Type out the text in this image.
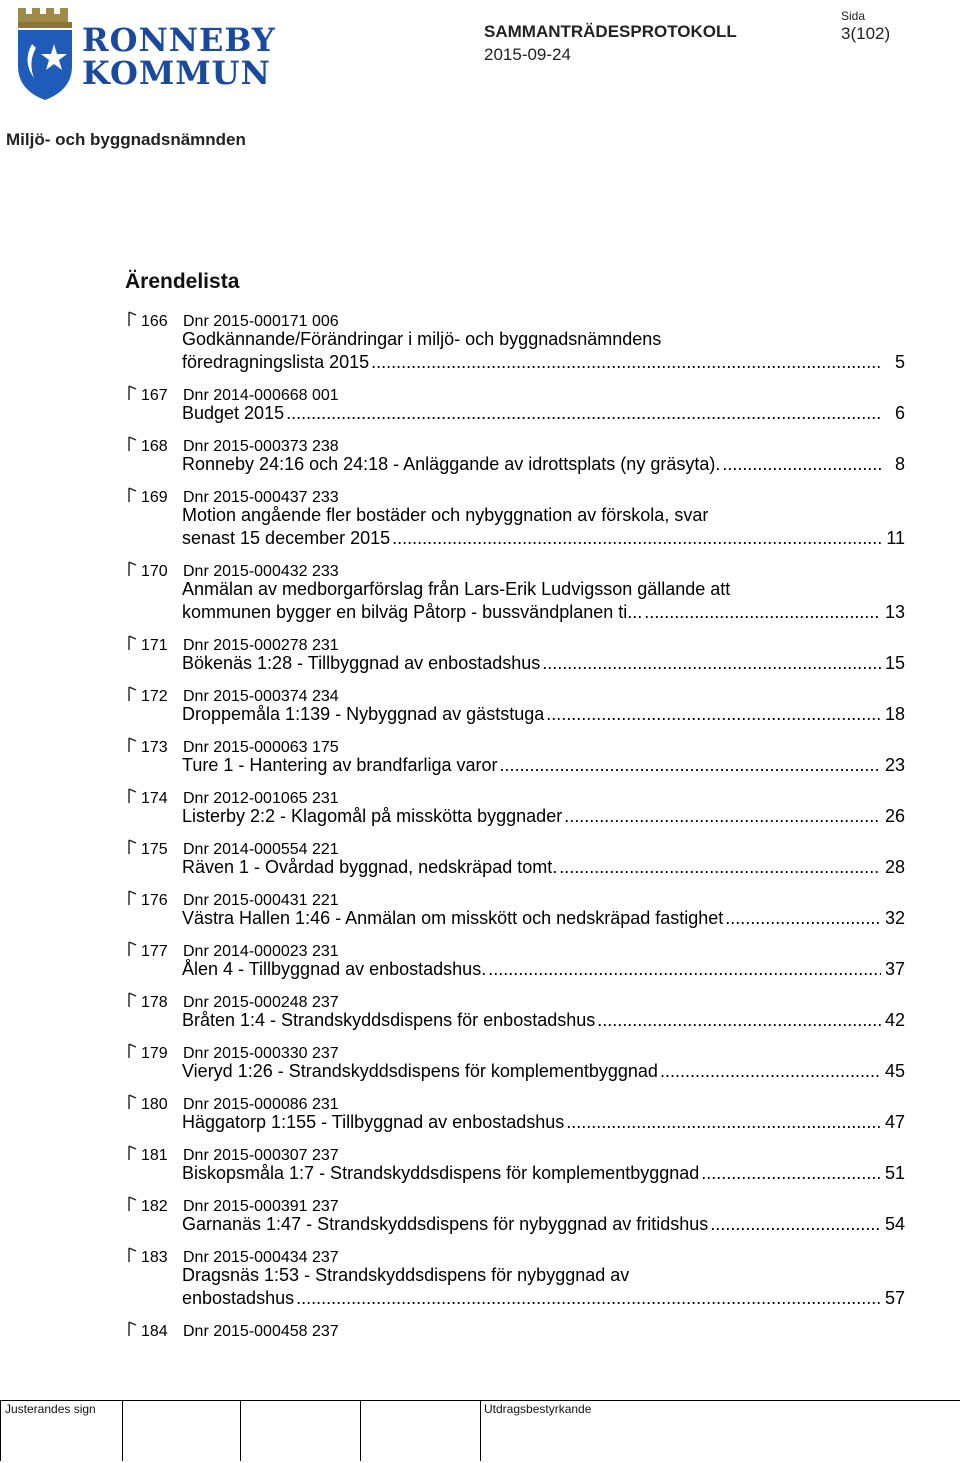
RONNEBY
KOMMUN
SAMMANTRÄDESPROTOKOLL
2015-09-24
Sida
3(102)
Miljö- och byggnadsnämnden
Ärendelista
166 Dnr 2015-000171 006
Godkännande/Förändringar i miljö- och byggnadsnämndens
föredragningslista 2015 .....	5
167 Dnr 2014-000668 001
Budget 2015 .....	6
168 Dnr 2015-000373 238
Ronneby 24:16 och 24:18 - Anläggande av idrottsplats (ny gräsyta). .....	8
169 Dnr 2015-000437 233
Motion angående fler bostäder och nybyggnation av förskola, svar
senast 15 december 2015 .....	11
170 Dnr 2015-000432 233
Anmälan av medborgarförslag från Lars-Erik Ludvigsson gällande att
kommunen bygger en bilväg Påtorp - bussvändplanen ti... .....	13
171 Dnr 2015-000278 231
Bökenäs 1:28 - Tillbyggnad av enbostadshus .....	15
172 Dnr 2015-000374 234
Droppemåla 1:139 - Nybyggnad av gäststuga .....	18
173 Dnr 2015-000063 175
Ture 1 - Hantering av brandfarliga varor .....	23
174 Dnr 2012-001065 231
Listerby 2:2 - Klagomål på misskötta byggnader .....	26
175 Dnr 2014-000554 221
Räven 1 - Ovårdad byggnad, nedskräpad tomt. .....	28
176 Dnr 2015-000431 221
Västra Hallen 1:46 - Anmälan om misskött och nedskräpad fastighet .....	32
177 Dnr 2014-000023 231
Ålen 4 - Tillbyggnad av enbostadshus. .....	37
178 Dnr 2015-000248 237
Bråten 1:4 - Strandskyddsdispens för enbostadshus .....	42
179 Dnr 2015-000330 237
Vieryd 1:26 - Strandskyddsdispens för komplementbyggnad .....	45
180 Dnr 2015-000086 231
Häggatorp 1:155 - Tillbyggnad av enbostadshus .....	47
181 Dnr 2015-000307 237
Biskopsmåla 1:7 - Strandskyddsdispens för komplementbyggnad .....	51
182 Dnr 2015-000391 237
Garnanäs 1:47 - Strandskyddsdispens för nybyggnad av fritidshus .....	54
183 Dnr 2015-000434 237
Dragsnäs 1:53 - Strandskyddsdispens för nybyggnad av
enbostadshus .....	57
184 Dnr 2015-000458 237
Justerandes sign	Utdragsbestyrkande
